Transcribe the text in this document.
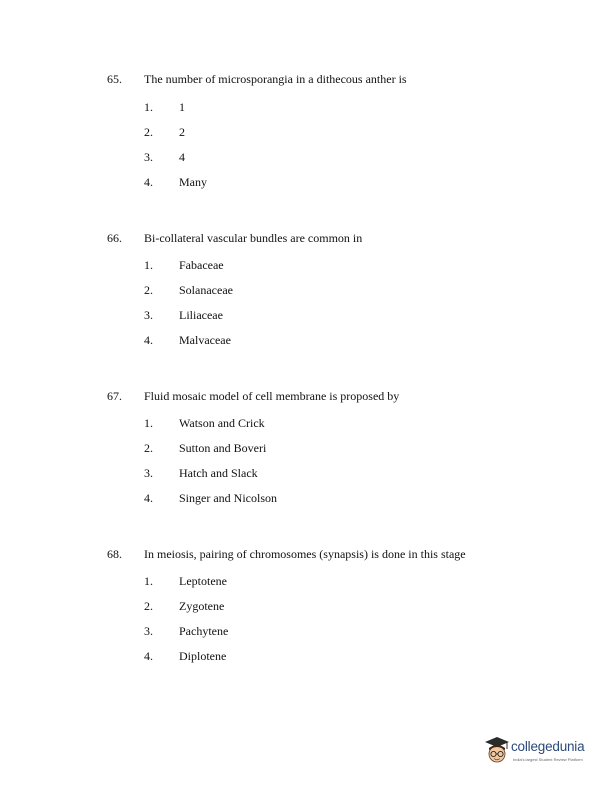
65. The number of microsporangia in a dithecous anther is
1. 1
2. 2
3. 4
4. Many
66. Bi-collateral vascular bundles are common in
1. Fabaceae
2. Solanaceae
3. Liliaceae
4. Malvaceae
67. Fluid mosaic model of cell membrane is proposed by
1. Watson and Crick
2. Sutton and Boveri
3. Hatch and Slack
4. Singer and Nicolson
68. In meiosis, pairing of chromosomes (synapsis) is done in this stage
1. Leptotene
2. Zygotene
3. Pachytene
4. Diplotene
collegedunia
India's largest Student Review Platform
